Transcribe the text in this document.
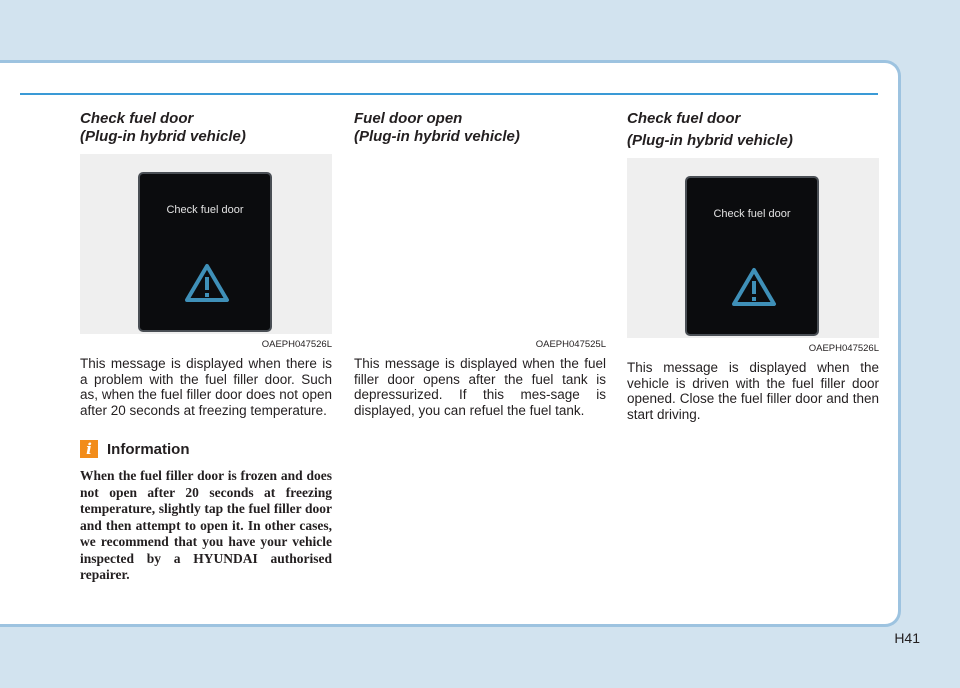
Check fuel door
(Plug-in hybrid vehicle)
Check fuel door
OAEPH047526L

This message is displayed when there is a problem with the fuel filler door. Such as, when the fuel filler door does not open after 20 seconds at freezing temperature.

i	Information

When the fuel filler door is frozen and does not open after 20 seconds at freezing temperature, slightly tap the fuel filler door and then attempt to open it. In other cases, we recommend that you have your vehicle inspected by a HYUNDAI authorised repairer.

Fuel door open
(Plug-in hybrid vehicle)
OAEPH047525L

This message is displayed when the fuel filler door opens after the fuel tank is depressurized. If this mes-sage is displayed, you can refuel the fuel tank.

Check fuel door
(Plug-in hybrid vehicle)
Check fuel door
OAEPH047526L

This message is displayed when the vehicle is driven with the fuel filler door opened. Close the fuel filler door and then start driving.

H41
